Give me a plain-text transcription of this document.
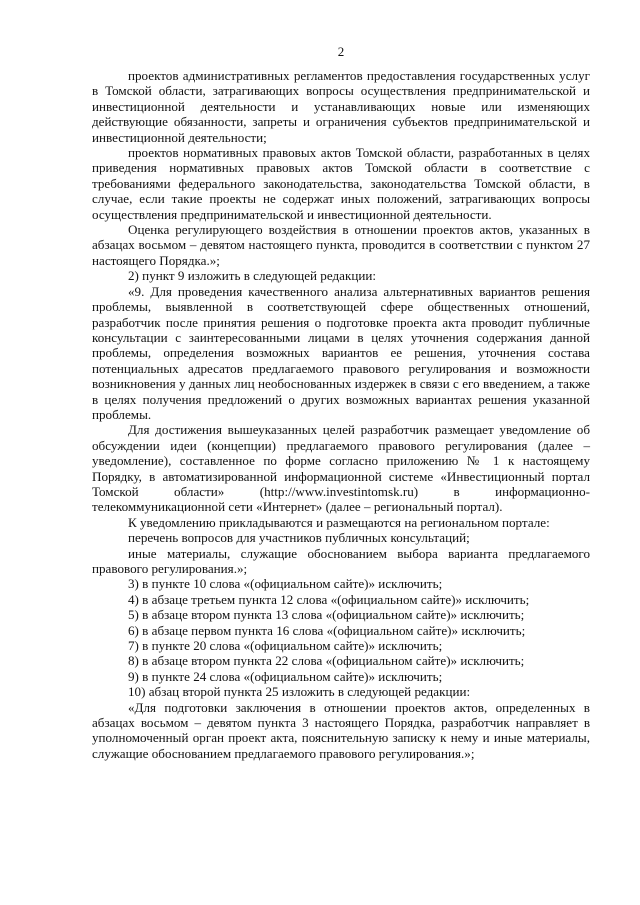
2

проектов административных регламентов предоставления государственных услуг в Томской области, затрагивающих вопросы осуществления предпринимательской и инвестиционной деятельности и устанавливающих новые или изменяющих действующие обязанности, запреты и ограничения субъектов предпринимательской и инвестиционной деятельности;

проектов нормативных правовых актов Томской области, разработанных в целях приведения нормативных правовых актов Томской области в соответствие с требованиями федерального законодательства, законодательства Томской области, в случае, если такие проекты не содержат иных положений, затрагивающих вопросы осуществления предпринимательской и инвестиционной деятельности.

Оценка регулирующего воздействия в отношении проектов актов, указанных в абзацах восьмом – девятом настоящего пункта, проводится в соответствии с пунктом 27 настоящего Порядка.»;

2) пункт 9 изложить в следующей редакции:

«9. Для проведения качественного анализа альтернативных вариантов решения проблемы, выявленной в соответствующей сфере общественных отношений, разработчик после принятия решения о подготовке проекта акта проводит публичные консультации с заинтересованными лицами в целях уточнения содержания данной проблемы, определения возможных вариантов ее решения, уточнения состава потенциальных адресатов предлагаемого правового регулирования и возможности возникновения у данных лиц необоснованных издержек в связи с его введением, а также в целях получения предложений о других возможных вариантах решения указанной проблемы.

Для достижения вышеуказанных целей разработчик размещает уведомление об обсуждении идеи (концепции) предлагаемого правового регулирования (далее – уведомление), составленное по форме согласно приложению № 1 к настоящему Порядку, в автоматизированной информационной системе «Инвестиционный портал Томской области» (http://www.investintomsk.ru) в информационно-телекоммуникационной сети «Интернет» (далее – региональный портал).

К уведомлению прикладываются и размещаются на региональном портале:

перечень вопросов для участников публичных консультаций;

иные материалы, служащие обоснованием выбора варианта предлагаемого правового регулирования.»;

3) в пункте 10 слова «(официальном сайте)» исключить;

4) в абзаце третьем пункта 12 слова «(официальном сайте)» исключить;

5) в абзаце втором пункта 13 слова «(официальном сайте)» исключить;

6) в абзаце первом пункта 16 слова «(официальном сайте)» исключить;

7) в пункте 20 слова «(официальном сайте)» исключить;

8) в абзаце втором пункта 22 слова «(официальном сайте)» исключить;

9) в пункте 24 слова «(официальном сайте)» исключить;

10) абзац второй пункта 25 изложить в следующей редакции:

«Для подготовки заключения в отношении проектов актов, определенных в абзацах восьмом – девятом пункта 3 настоящего Порядка, разработчик направляет в уполномоченный орган проект акта, пояснительную записку к нему и иные материалы, служащие обоснованием предлагаемого правового регулирования.»;
